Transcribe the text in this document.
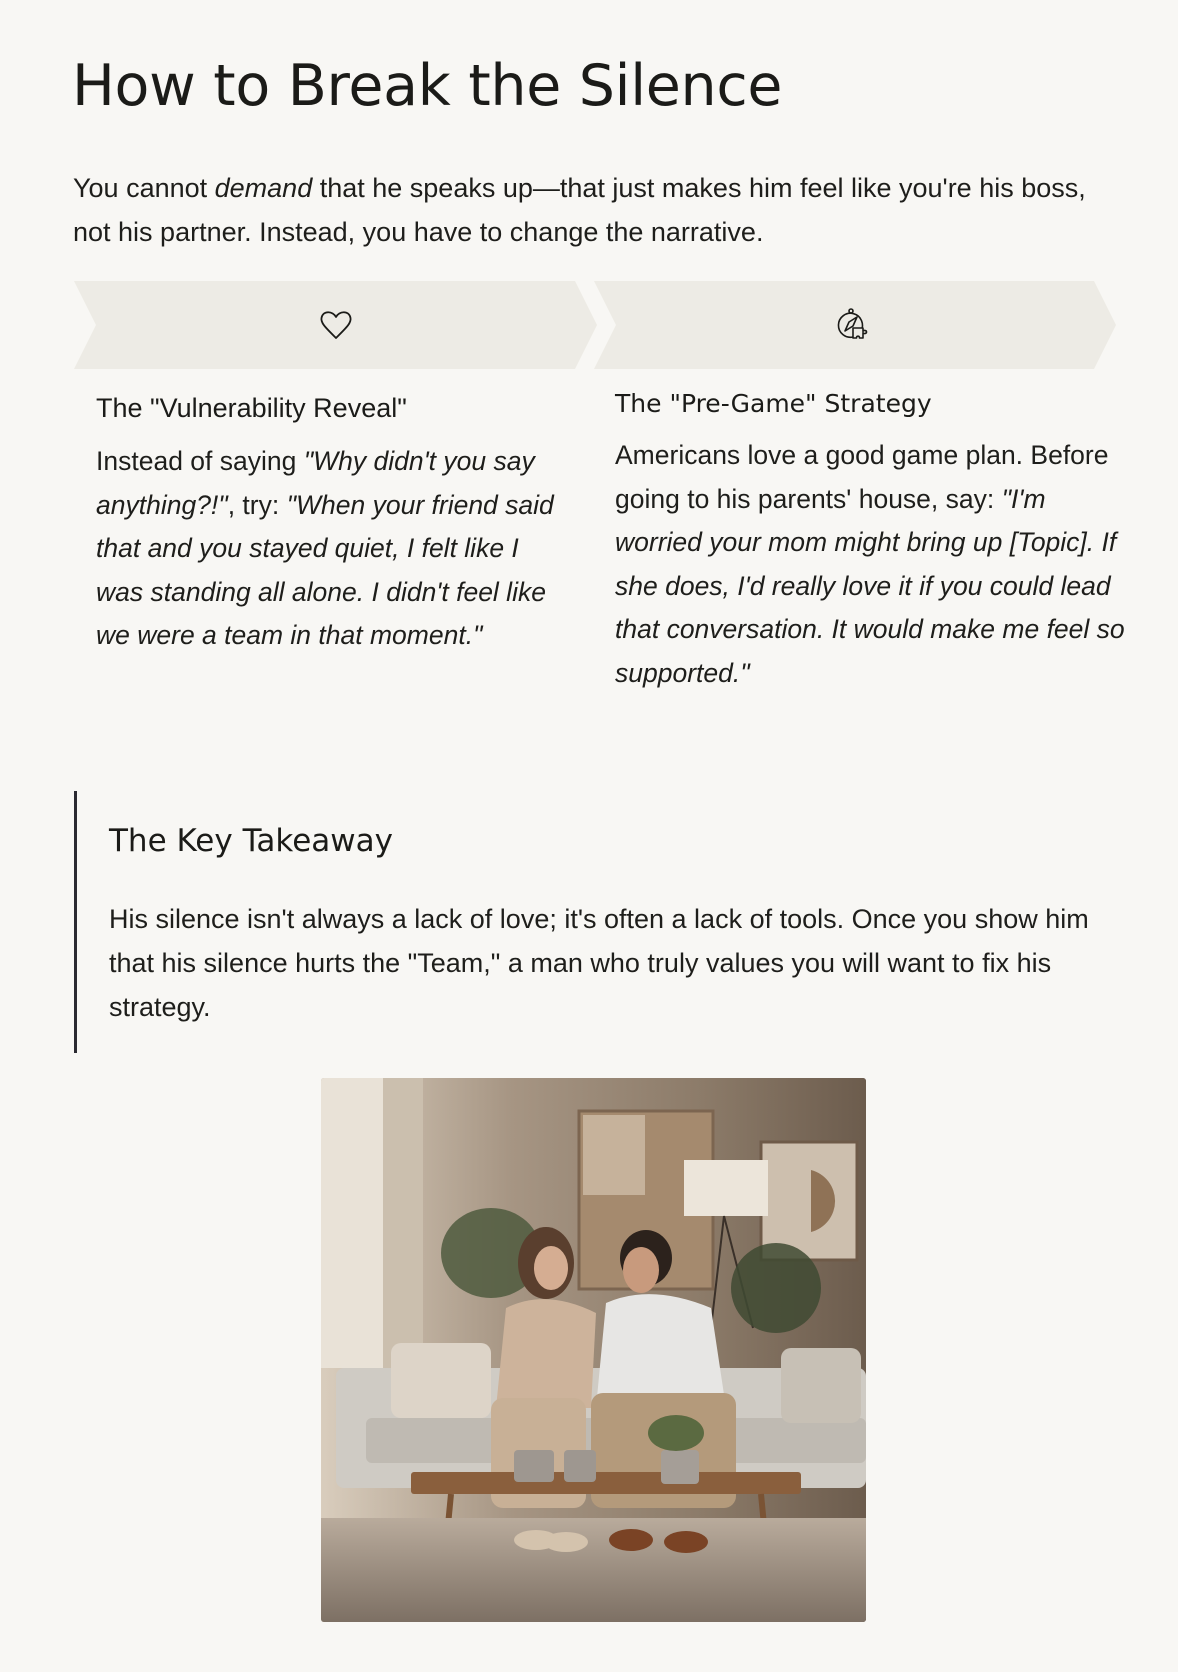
How to Break the Silence

You cannot demand that he speaks up—that just makes him feel like you're his boss, not his partner. Instead, you have to change the narrative.

The "Vulnerability Reveal"

Instead of saying "Why didn't you say anything?!", try: "When your friend said that and you stayed quiet, I felt like I was standing all alone. I didn't feel like we were a team in that moment."

The "Pre-Game" Strategy

Americans love a good game plan. Before going to his parents' house, say: "I'm worried your mom might bring up [Topic]. If she does, I'd really love it if you could lead that conversation. It would make me feel so supported."

The Key Takeaway

His silence isn't always a lack of love; it's often a lack of tools. Once you show him that his silence hurts the "Team," a man who truly values you will want to fix his strategy.
